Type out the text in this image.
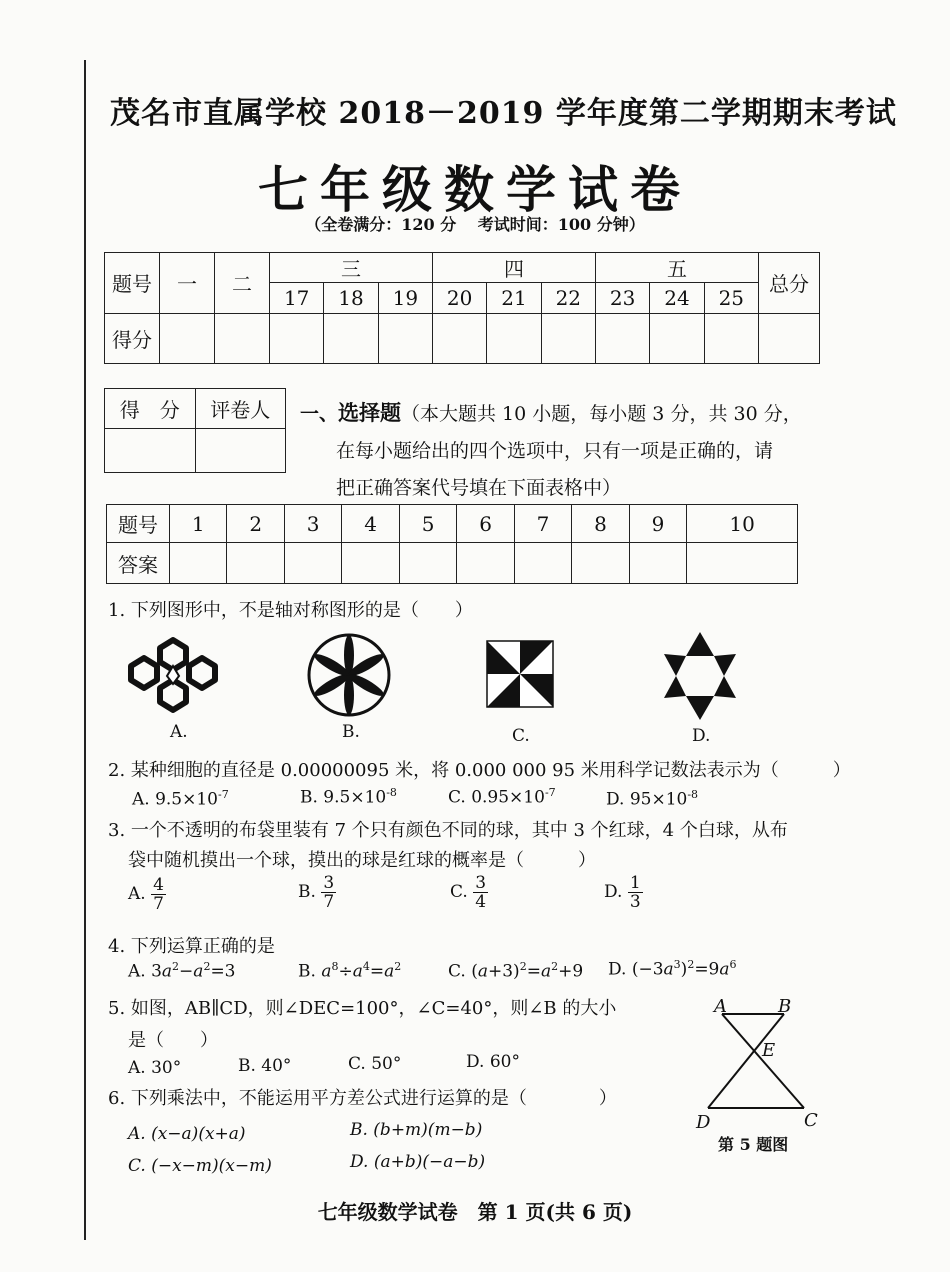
茂名市直属学校 2018－2019 学年度第二学期期末考试
七年级数学试卷
（全卷满分：120 分　 考试时间：100 分钟）
题号	一	二	三			四			五			总分
			17	18	19	20	21	22	23	24	25	
得分												
得　分	评卷人
	一、选择题（本大题共 10 小题，每小题 3 分，共 30 分，
在每小题给出的四个选项中，只有一项是正确的，请
把正确答案代号填在下面表格中）
题号	1	2	3	4	5	6	7	8	9	10
答案										
1. 下列图形中，不是轴对称图形的是（　　）
A.	B.	C.	D.
2. 某种细胞的直径是 0.00000095 米，将 0.000 000 95 米用科学记数法表示为（　　　）
A. $9.5\times 10^{-7}$	B. $9.5\times 10^{-8}$	C. $0.95\times 10^{-7}$	D. $95\times 10^{-8}$
3. 一个不透明的布袋里装有 7 个只有颜色不同的球，其中 3 个红球，4 个白球，从布
袋中随机摸出一个球，摸出的球是红球的概率是（　　　）
A. $\frac{4}{7}$	B. $\frac{3}{7}$	C. $\frac{3}{4}$	D. $\frac{1}{3}$
4. 下列运算正确的是
A. $3a^2-a^2=3$	B. $a^8\div a^4=a^2$	C. $(a+3)^2=a^2+9$ D. $(-3a^3)^2=9a^6$
5. 如图，AB∥CD，则∠DEC=100°，∠C=40°，则∠B 的大小
是（　　）
A. 30°	B. 40°	C. 50°	D. 60°
A	B
E
D	C
第 5 题图
6. 下列乘法中，不能运用平方差公式进行运算的是（　　　　）
A. (x−a)(x+a)	B. (b+m)(m−b)
C. (−x−m)(x−m)	D. (a+b)(−a−b)
七年级数学试卷　第 1 页(共 6 页)
